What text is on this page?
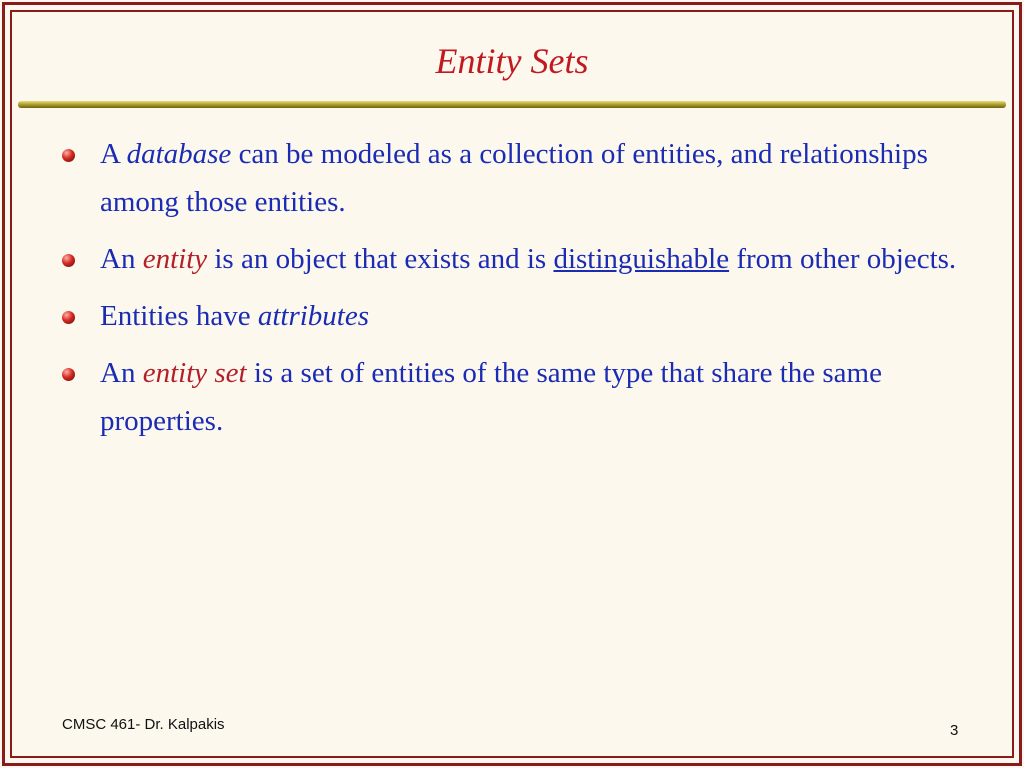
Entity Sets
A database can be modeled as a collection of entities, and relationships among those entities.
An entity is an object that exists and is distinguishable from other objects.
Entities have attributes
An entity set is a set of entities of the same type that share the same properties.
CMSC 461- Dr. Kalpakis	3
